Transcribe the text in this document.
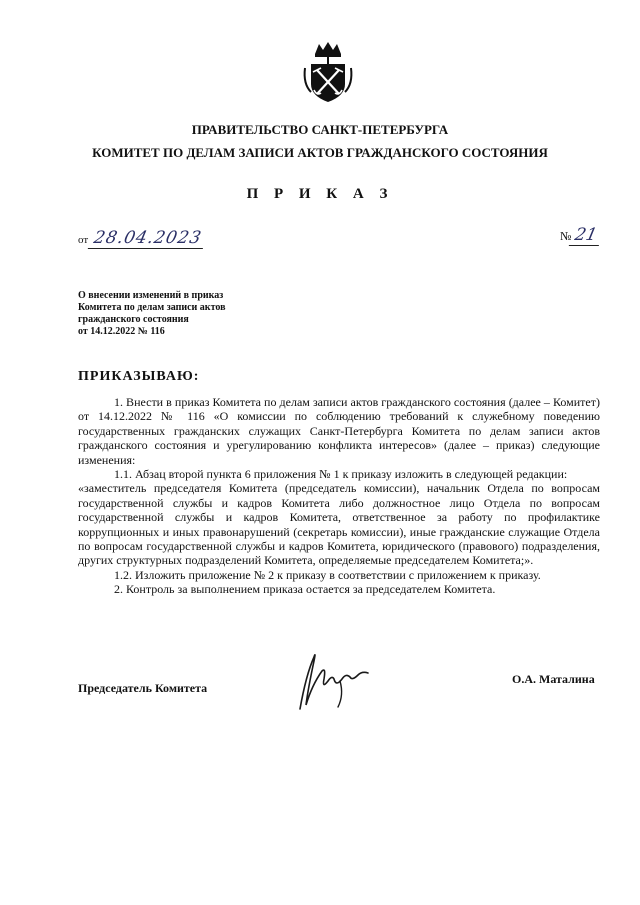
ПРАВИТЕЛЬСТВО САНКТ-ПЕТЕРБУРГА
КОМИТЕТ ПО ДЕЛАМ ЗАПИСИ АКТОВ ГРАЖДАНСКОГО СОСТОЯНИЯ
П Р И К А З
от 28.04.2023	№ 21
О внесении изменений в приказ
Комитета по делам записи актов
гражданского состояния
от 14.12.2022 № 116
ПРИКАЗЫВАЮ:

1. Внести в приказ Комитета по делам записи актов гражданского состояния (далее – Комитет) от 14.12.2022 № 116 «О комиссии по соблюдению требований к служебному поведению государственных гражданских служащих Санкт-Петербурга Комитета по делам записи актов гражданского состояния и урегулированию конфликта интересов» (далее – приказ) следующие изменения:

1.1. Абзац второй пункта 6 приложения № 1 к приказу изложить в следующей редакции:

«заместитель председателя Комитета (председатель комиссии), начальник Отдела по вопросам государственной службы и кадров Комитета либо должностное лицо Отдела по вопросам государственной службы и кадров Комитета, ответственное за работу по профилактике коррупционных и иных правонарушений (секретарь комиссии), иные гражданские служащие Отдела по вопросам государственной службы и кадров Комитета, юридического (правового) подразделения, других структурных подразделений Комитета, определяемые председателем Комитета;».

1.2. Изложить приложение № 2 к приказу в соответствии с приложением к приказу.

2. Контроль за выполнением приказа остается за председателем Комитета.

Председатель Комитета
О.А. Маталина
